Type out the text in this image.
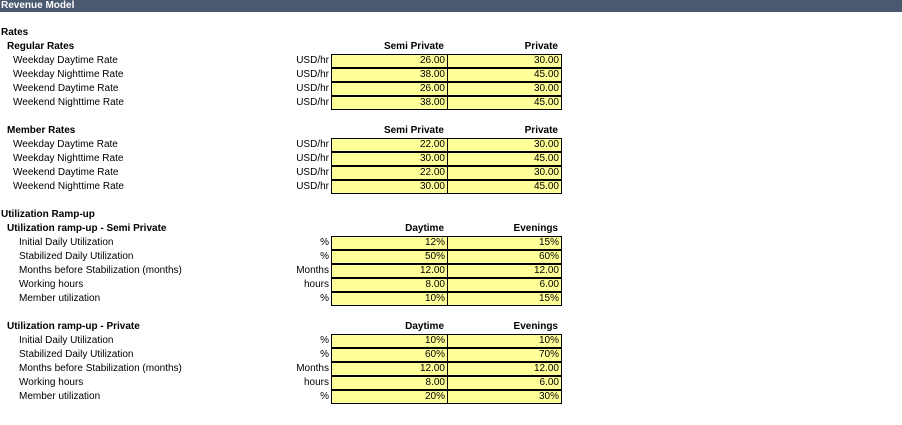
Revenue Model
Rates
Regular Rates	Semi Private	Private
Weekday Daytime Rate	USD/hr	26.00	30.00
Weekday Nighttime Rate	USD/hr	38.00	45.00
Weekend Daytime Rate	USD/hr	26.00	30.00
Weekend Nighttime Rate	USD/hr	38.00	45.00
Member Rates	Semi Private	Private
Weekday Daytime Rate	USD/hr	22.00	30.00
Weekday Nighttime Rate	USD/hr	30.00	45.00
Weekend Daytime Rate	USD/hr	22.00	30.00
Weekend Nighttime Rate	USD/hr	30.00	45.00
Utilization Ramp-up
Utilization ramp-up - Semi Private	Daytime	Evenings
Initial Daily Utilization	%	12%	15%
Stabilized Daily Utilization	%	50%	60%
Months before Stabilization (months)	Months	12.00	12.00
Working hours	hours	8.00	6.00
Member utilization	%	10%	15%
Utilization ramp-up - Private	Daytime	Evenings
Initial Daily Utilization	%	10%	10%
Stabilized Daily Utilization	%	60%	70%
Months before Stabilization (months)	Months	12.00	12.00
Working hours	hours	8.00	6.00
Member utilization	%	20%	30%
